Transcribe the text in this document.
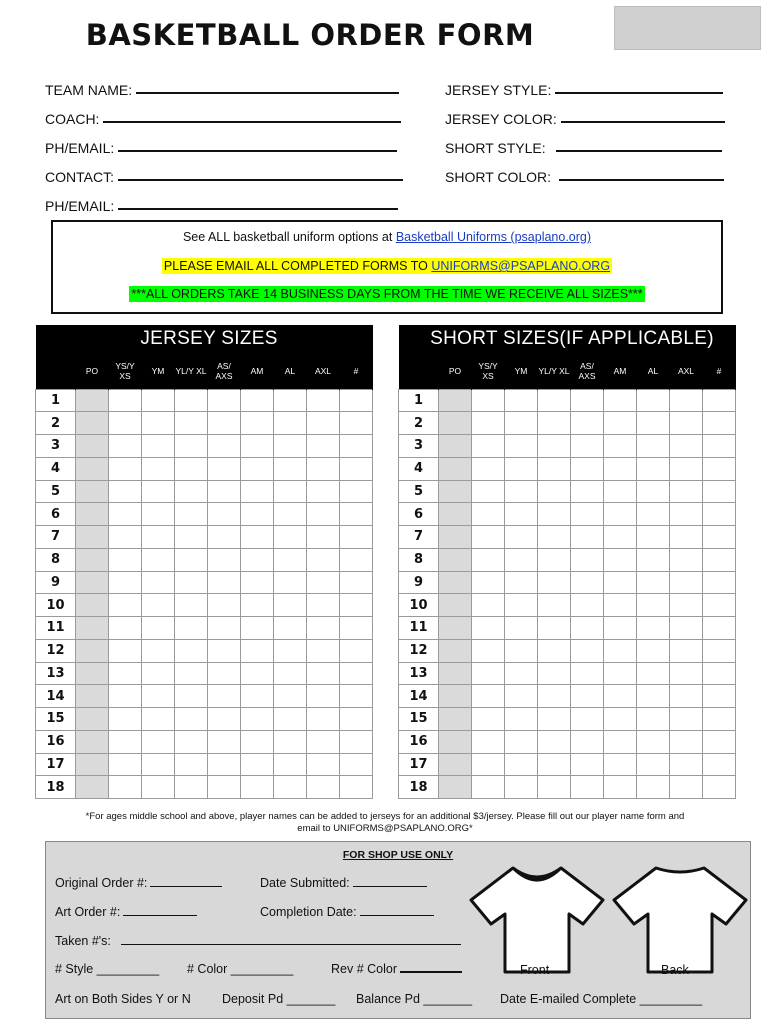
BASKETBALL ORDER FORM
TEAM NAME:
COACH:
PH/EMAIL:
CONTACT:
PH/EMAIL:
JERSEY STYLE:
JERSEY COLOR:
SHORT STYLE:
SHORT COLOR:
See ALL basketball uniform options at Basketball Uniforms (psaplano.org)
PLEASE EMAIL ALL COMPLETED FORMS TO UNIFORMS@PSAPLANO.ORG
***ALL ORDERS TAKE 14 BUSINESS DAYS FROM THE TIME WE RECEIVE ALL SIZES***
JERSEY SIZES									
	PO	YS/Y XS	YM	YL/Y XL	AS/ AXS	AM	AL	AXL	#
1									
2									
3									
4									
5									
6									
7									
8									
9									
10									
11									
12									
13									
14									
15									
16									
17									
18									
SHORT SIZES(IF APPLICABLE)									
	PO	YS/Y XS	YM	YL/Y XL	AS/ AXS	AM	AL	AXL	#
1									
2									
3									
4									
5									
6									
7									
8									
9									
10									
11									
12									
13									
14									
15									
16									
17									
18									
*For ages middle school and above, player names can be added to jerseys for an additional $3/jersey. Please fill out our player name form and email to UNIFORMS@PSAPLANO.ORG*
FOR SHOP USE ONLY
Original Order #:	Date Submitted:
Art Order #:	Completion Date:
Taken #'s:
# Style _________ # Color _________	Rev # Color
Art on Both Sides Y or N	Deposit Pd _______ Balance Pd _______ Date E-mailed Complete _________
Front	Back
